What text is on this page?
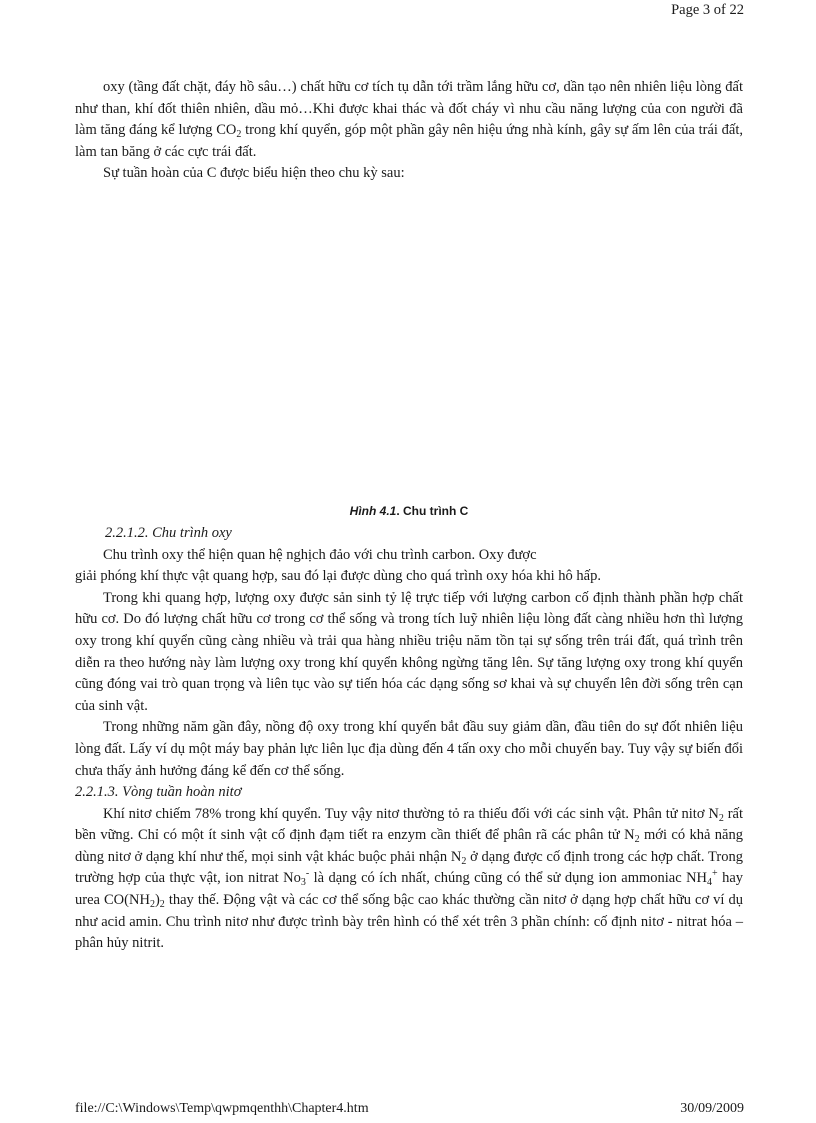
Page 3 of 22

oxy (tầng đất chặt, đáy hồ sâu…) chất hữu cơ tích tụ dẫn tới trầm lắng hữu cơ, dần tạo nên nhiên liệu lòng đất như than, khí đốt thiên nhiên, dầu mỏ…Khi được khai thác và đốt cháy vì nhu cầu năng lượng của con người đã làm tăng đáng kể lượng $CO_2$ trong khí quyển, góp một phần gây nên hiệu ứng nhà kính, gây sự ấm lên của trái đất, làm tan băng ở các cực trái đất.

Sự tuần hoàn của C được biểu hiện theo chu kỳ sau:

Hình 4.1. Chu trình C

2.2.1.2. Chu trình oxy

Chu trình oxy thể hiện quan hệ nghịch đảo với chu trình carbon. Oxy được

giải phóng khí thực vật quang hợp, sau đó lại được dùng cho quá trình oxy hóa khi hô hấp.

Trong khi quang hợp, lượng oxy được sản sinh tỷ lệ trực tiếp với lượng carbon cố định thành phần hợp chất hữu cơ. Do đó lượng chất hữu cơ trong cơ thể sống và trong tích luỹ nhiên liệu lòng đất càng nhiều hơn thì lượng oxy trong khí quyển cũng càng nhiều và trải qua hàng nhiều triệu năm tồn tại sự sống trên trái đất, quá trình trên diễn ra theo hướng này làm lượng oxy trong khí quyển không ngừng tăng lên. Sự tăng lượng oxy trong khí quyển cũng đóng vai trò quan trọng và liên tục vào sự tiến hóa các dạng sống sơ khai và sự chuyển lên đời sống trên cạn của sinh vật.

Trong những năm gần đây, nồng độ oxy trong khí quyển bắt đầu suy giảm dần, đầu tiên do sự đốt nhiên liệu lòng đất. Lấy ví dụ một máy bay phản lực liên lục địa dùng đến 4 tấn oxy cho mỗi chuyến bay. Tuy vậy sự biến đổi chưa thấy ảnh hưởng đáng kể đến cơ thể sống.

2.2.1.3. Vòng tuần hoàn nitơ

Khí nitơ chiếm 78% trong khí quyển. Tuy vậy nitơ thường tỏ ra thiếu đối với các sinh vật. Phân tử nitơ $N_2$ rất bền vững. Chỉ có một ít sinh vật cố định đạm tiết ra enzym cần thiết để phân rã các phân tử $N_2$ mới có khả năng dùng nitơ ở dạng khí như thế, mọi sinh vật khác buộc phải nhận $N_2$ ở dạng được cố định trong các hợp chất. Trong trường hợp của thực vật, ion nitrat $No_3^-$ là dạng có ích nhất, chúng cũng có thể sử dụng ion ammoniac $NH_4^+$ hay urea $CO(NH_2)_2$ thay thế. Động vật và các cơ thể sống bậc cao khác thường cần nitơ ở dạng hợp chất hữu cơ ví dụ như acid amin. Chu trình nitơ như được trình bày trên hình có thể xét trên 3 phần chính: cố định nitơ - nitrat hóa – phân hủy nitrit.

file://C:\Windows\Temp\qwpmqenthh\Chapter4.htm	30/09/2009
